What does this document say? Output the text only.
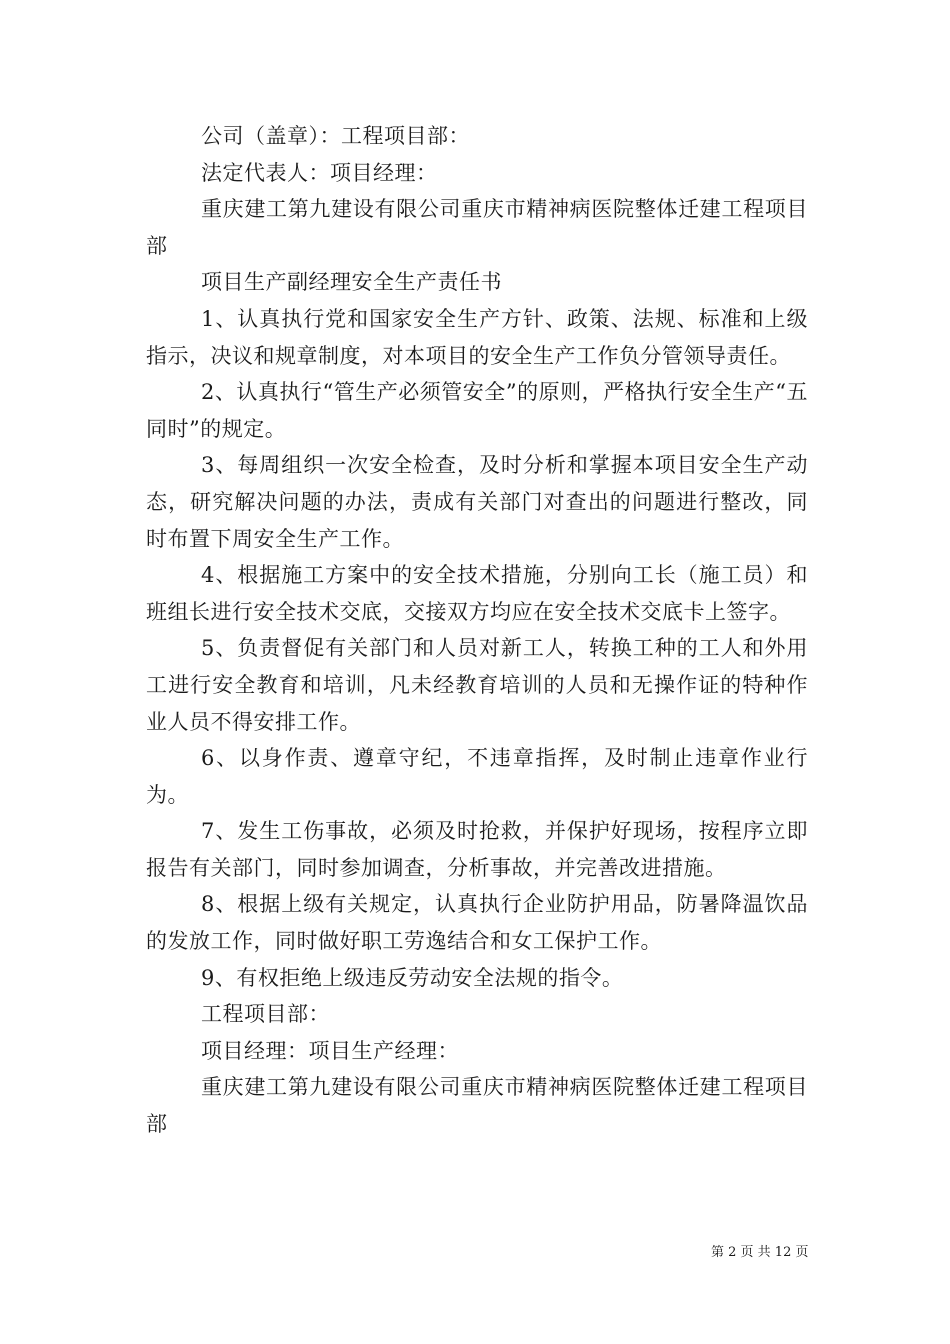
公司（盖章）：工程项目部：

法定代表人：项目经理：

重庆建工第九建设有限公司重庆市精神病医院整体迁建工程项目部

项目生产副经理安全生产责任书

1、认真执行党和国家安全生产方针、政策、法规、标准和上级指示，决议和规章制度，对本项目的安全生产工作负分管领导责任。

2、认真执行“管生产必须管安全”的原则，严格执行安全生产“五同时”的规定。

3、每周组织一次安全检查，及时分析和掌握本项目安全生产动态，研究解决问题的办法，责成有关部门对查出的问题进行整改，同时布置下周安全生产工作。

4、根据施工方案中的安全技术措施，分别向工长（施工员）和班组长进行安全技术交底，交接双方均应在安全技术交底卡上签字。

5、负责督促有关部门和人员对新工人，转换工种的工人和外用工进行安全教育和培训，凡未经教育培训的人员和无操作证的特种作业人员不得安排工作。

6、以身作责、遵章守纪，不违章指挥，及时制止违章作业行为。

7、发生工伤事故，必须及时抢救，并保护好现场，按程序立即报告有关部门，同时参加调查，分析事故，并完善改进措施。

8、根据上级有关规定，认真执行企业防护用品，防暑降温饮品的发放工作，同时做好职工劳逸结合和女工保护工作。

9、有权拒绝上级违反劳动安全法规的指令。

工程项目部：

项目经理：项目生产经理：

重庆建工第九建设有限公司重庆市精神病医院整体迁建工程项目部

第 2 页 共 12 页
